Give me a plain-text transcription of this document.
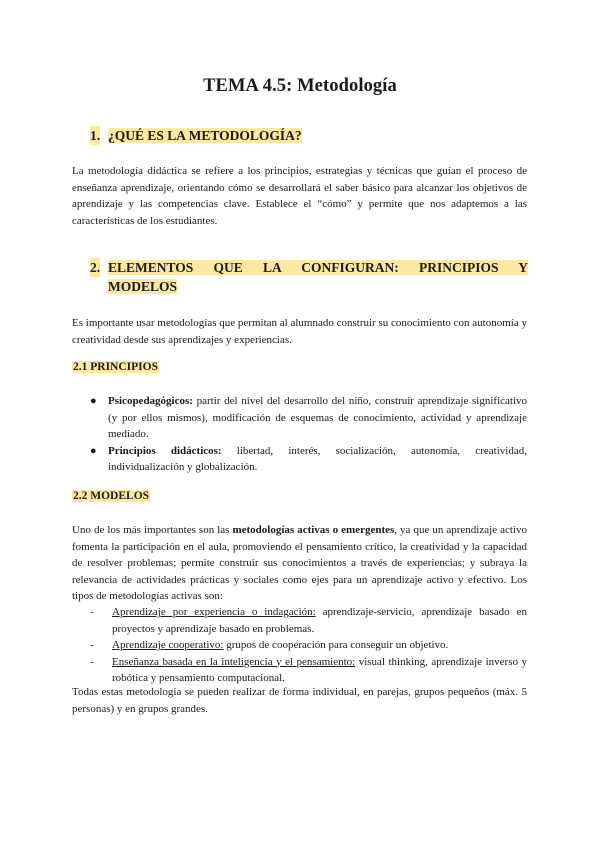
TEMA 4.5: Metodología
1. ¿QUÉ ES LA METODOLOGÍA?
La metodología didáctica se refiere a los principios, estrategias y técnicas que guían el proceso de enseñanza aprendizaje, orientando cómo se desarrollará el saber básico para alcanzar los objetivos de aprendizaje y las competencias clave. Establece el “cómo” y permite que nos adaptemos a las características de los estudiantes.
2. ELEMENTOS QUE LA CONFIGURAN: PRINCIPIOS Y
MODELOS
Es importante usar metodologías que permitan al alumnado construir su conocimiento con autonomía y creatividad desde sus aprendizajes y experiencias.
2.1 PRINCIPIOS
● Psicopedagógicos: partir del nivel del desarrollo del niño, construir aprendizaje significativo (y por ellos mismos), modificación de esquemas de conocimiento, actividad y aprendizaje mediado.
● Principios didácticos: libertad, interés, socialización, autonomía, creatividad, individualización y globalización.
2.2 MODELOS
Uno de los más importantes son las metodologías activas o emergentes, ya que un aprendizaje activo fomenta la participación en el aula, promoviendo el pensamiento crítico, la creatividad y la capacidad de resolver problemas; permite construir sus conocimientos a través de experiencias; y subraya la relevancia de actividades prácticas y sociales como ejes para un aprendizaje activo y efectivo. Los tipos de metodologías activas son:
- Aprendizaje por experiencia o indagación: aprendizaje-servicio, aprendizaje basado en proyectos y aprendizaje basado en problemas.
- Aprendizaje cooperativo: grupos de cooperación para conseguir un objetivo.
- Enseñanza basada en la inteligencia y el pensamiento: visual thinking, aprendizaje inverso y robótica y pensamiento computacional.
Todas estas metodología se pueden realizar de forma individual, en parejas, grupos pequeños (máx. 5 personas) y en grupos grandes.
